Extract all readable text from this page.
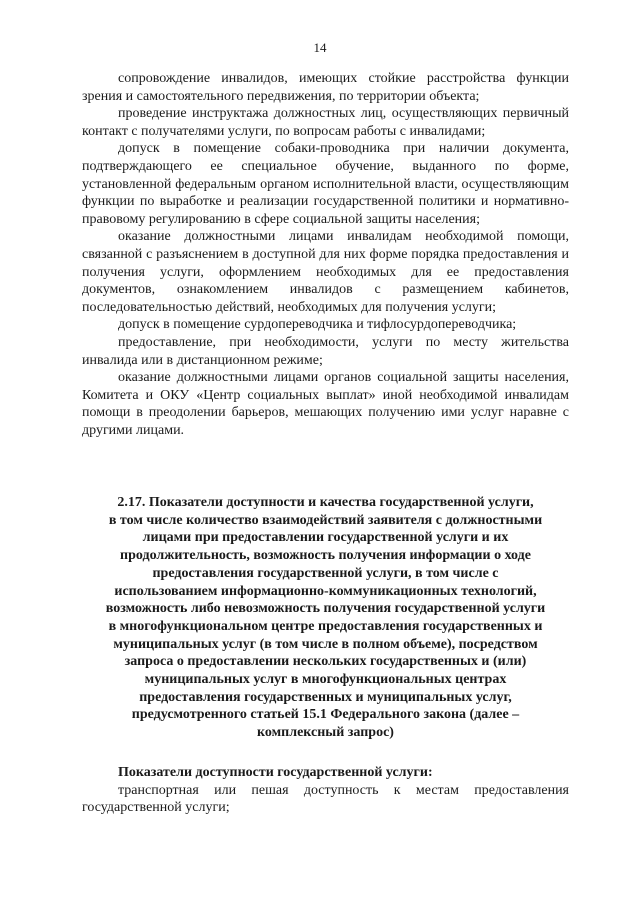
14

сопровождение инвалидов, имеющих стойкие расстройства функции зрения и самостоятельного передвижения, по территории объекта;

проведение инструктажа должностных лиц, осуществляющих первичный контакт с получателями услуги, по вопросам работы с инвалидами;

допуск в помещение собаки-проводника при наличии документа, подтверждающего ее специальное обучение, выданного по форме, установленной федеральным органом исполнительной власти, осуществляющим функции по выработке и реализации государственной политики и нормативно-правовому регулированию в сфере социальной защиты населения;

оказание должностными лицами инвалидам необходимой помощи, связанной с разъяснением в доступной для них форме порядка предоставления и получения услуги, оформлением необходимых для ее предоставления документов, ознакомлением инвалидов с размещением кабинетов, последовательностью действий, необходимых для получения услуги;

допуск в помещение сурдопереводчика и тифлосурдопереводчика;

предоставление, при необходимости, услуги по месту жительства инвалида или в дистанционном режиме;

оказание должностными лицами органов социальной защиты населения, Комитета и ОКУ «Центр социальных выплат» иной необходимой инвалидам помощи в преодолении барьеров, мешающих получению ими услуг наравне с другими лицами.

2.17. Показатели доступности и качества государственной услуги,
в том числе количество взаимодействий заявителя с должностными
лицами при предоставлении государственной услуги и их
продолжительность, возможность получения информации о ходе
предоставления государственной услуги, в том числе с
использованием информационно-коммуникационных технологий,
возможность либо невозможность получения государственной услуги
в многофункциональном центре предоставления государственных и
муниципальных услуг (в том числе в полном объеме), посредством
запроса о предоставлении нескольких государственных и (или)
муниципальных услуг в многофункциональных центрах
предоставления государственных и муниципальных услуг,
предусмотренного статьей 15.1 Федерального закона (далее –
комплексный запрос)

Показатели доступности государственной услуги:

транспортная или пешая доступность к местам предоставления государственной услуги;
